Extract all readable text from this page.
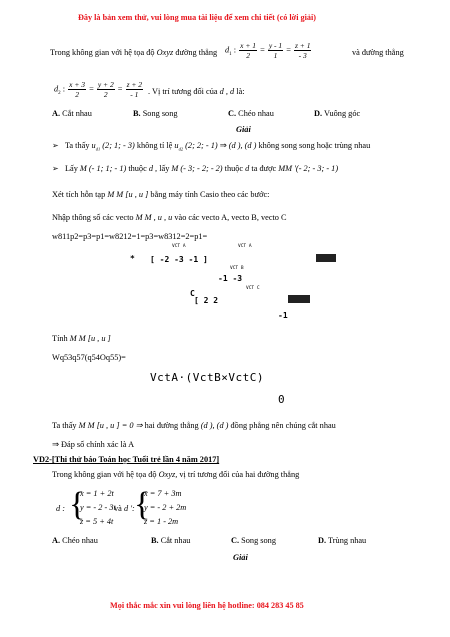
Đây là bản xem thử, vui lòng mua tài liệu để xem chi tiết (có lời giải)
Trong không gian với hệ tọa độ Oxyz đường thẳng $d_1$ : $\frac{x + 1}{2} = \frac{y - 1}{1} = \frac{z + 1}{- 3}$	và đường thẳng
$d_2$ : $\frac{x + 3}{2} = \frac{y + 2}{2} = \frac{z + 2}{- 1}$ . Vị trí tương đối của d , d là:
A. Cắt nhau	B. Song song	C. Chéo nhau	D. Vuông góc
Giải
➢ Ta thấy $u_{d1}$ (2; 1; - 3) không tỉ lệ $u_{d2}$ (2; 2; - 1) ⇒ (d ), (d ) không song song hoặc trùng nhau
➢ Lấy M (- 1; 1; - 1) thuộc d , lấy M (- 3; - 2; - 2) thuộc d ta được MM '(- 2; - 3; - 1)
Xét tích hỗn tạp M M [u , u ] bằng máy tính Casio theo các bước:
Nhập thông số các vecto M M , u , u vào các vecto A, vecto B, vecto C
w811p2=p3=p1=w8212=1=p3=w8312=2=p1=
VCT A	VCT A
* [ -2 -3 -1 ]
VCT B
-1 -3
VCT C
C
[ 2 2
-1
Tính M M [u , u ]
Wq53q57(q54Oq55)=
VctA·(VctB×VctC)
0
Ta thấy M M [u , u ] = 0 ⇒ hai đường thẳng (d ), (d ) đồng phẳng nên chúng cắt nhau
⇒ Đáp số chính xác là A
VD2-[Thi thử báo Toán học Tuổi trẻ lần 4 năm 2017]
Trong không gian với hệ tọa độ Oxyz, vị trí tương đối của hai đường thẳng
d : {
x = 1 + 2t
y = - 2 - 3t
z = 5 + 4t
và d ': {
x = 7 + 3m
y = - 2 + 2m
z = 1 - 2m
A. Chéo nhau	B. Cắt nhau	C. Song song	D. Trùng nhau
Giải
Mọi thắc mắc xin vui lòng liên hệ hotline: 084 283 45 85
